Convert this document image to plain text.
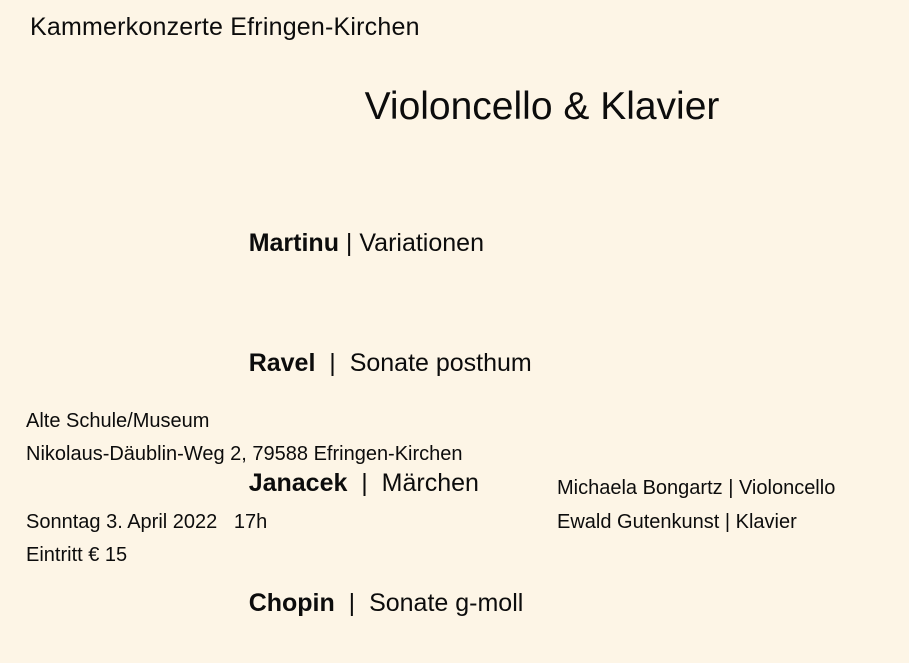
Kammerkonzerte Efringen-Kirchen
Violoncello & Klavier

Martinu | Variationen

Ravel  |  Sonate posthum

Janacek  |  Märchen

Chopin  |  Sonate g-moll

Alte Schule/Museum
Nikolaus-Däublin-Weg 2, 79588 Efringen-Kirchen
Sonntag 3. April 2022   17h
Eintritt € 15
Michaela Bongartz | Violoncello
Ewald Gutenkunst | Klavier
